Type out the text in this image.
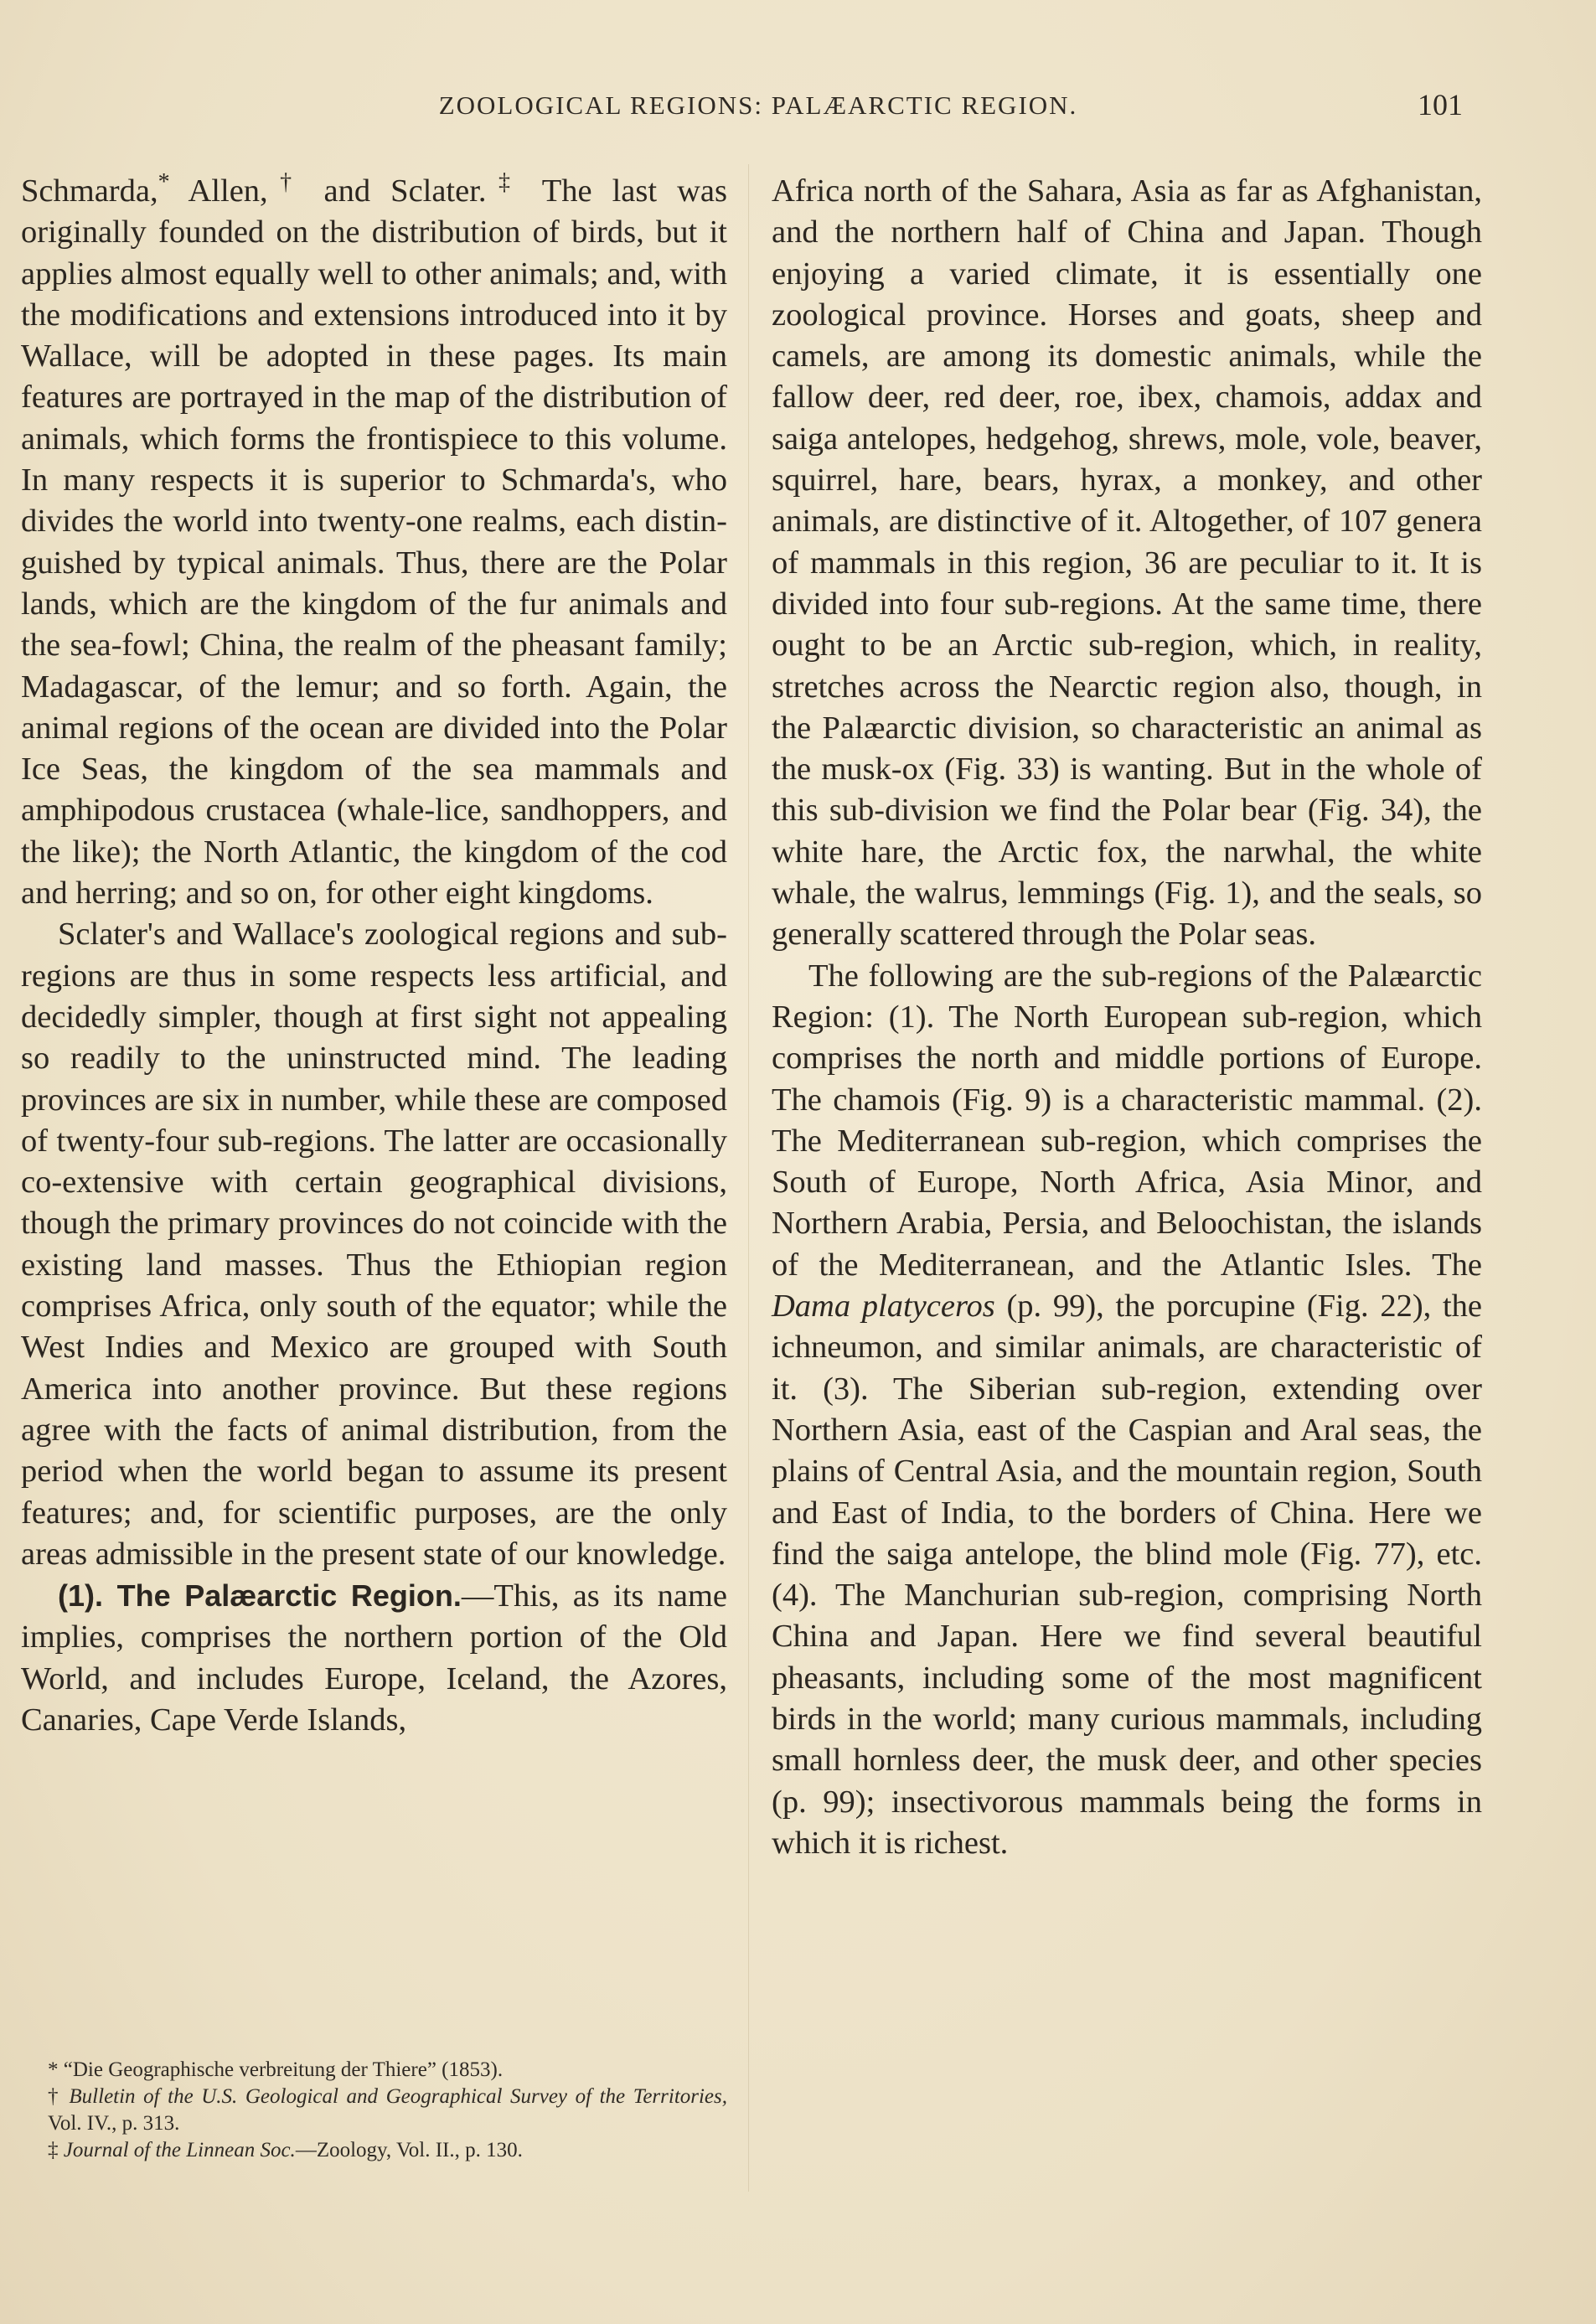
ZOOLOGICAL REGIONS: PALÆARCTIC REGION.	101

Schmarda,* Allen,† and Sclater.‡ The last was originally founded on the distribution of birds, but it applies almost equally well to other animals; and, with the modifications and extensions introduced into it by Wallace, will be adopted in these pages. Its main features are portrayed in the map of the distribution of animals, which forms the frontispiece to this volume. In many respects it is superior to Schmarda's, who divides the world into twenty-one realms, each distinguished by typical animals. Thus, there are the Polar lands, which are the kingdom of the fur animals and the sea-fowl; China, the realm of the pheasant family; Madagascar, of the lemur; and so forth. Again, the animal regions of the ocean are divided into the Polar Ice Seas, the kingdom of the sea mammals and amphipodous crustacea (whale-lice, sandhoppers, and the like); the North Atlantic, the kingdom of the cod and herring; and so on, for other eight kingdoms.

Sclater's and Wallace's zoological regions and sub-regions are thus in some respects less artificial, and decidedly simpler, though at first sight not appealing so readily to the uninstructed mind. The leading provinces are six in number, while these are composed of twenty-four sub-regions. The latter are occasionally co-extensive with certain geographical divisions, though the primary provinces do not coincide with the existing land masses. Thus the Ethiopian region comprises Africa, only south of the equator; while the West Indies and Mexico are grouped with South America into another province. But these regions agree with the facts of animal distribution, from the period when the world began to assume its present features; and, for scientific purposes, are the only areas admissible in the present state of our knowledge.

(1). The Palæarctic Region.—This, as its name implies, comprises the northern portion of the Old World, and includes Europe, Iceland, the Azores, Canaries, Cape Verde Islands,

* “Die Geographische verbreitung der Thiere” (1853).

† Bulletin of the U.S. Geological and Geographical Survey of the Territories, Vol. IV., p. 313.

‡ Journal of the Linnean Soc.—Zoology, Vol. II., p. 130.

Africa north of the Sahara, Asia as far as Afghanistan, and the northern half of China and Japan. Though enjoying a varied climate, it is essentially one zoological province. Horses and goats, sheep and camels, are among its domestic animals, while the fallow deer, red deer, roe, ibex, chamois, addax and saiga antelopes, hedgehog, shrews, mole, vole, beaver, squirrel, hare, bears, hyrax, a monkey, and other animals, are distinctive of it. Altogether, of 107 genera of mammals in this region, 36 are peculiar to it. It is divided into four sub-regions. At the same time, there ought to be an Arctic sub-region, which, in reality, stretches across the Nearctic region also, though, in the Palæarctic division, so characteristic an animal as the musk-ox (Fig. 33) is wanting. But in the whole of this sub-division we find the Polar bear (Fig. 34), the white hare, the Arctic fox, the narwhal, the white whale, the walrus, lemmings (Fig. 1), and the seals, so generally scattered through the Polar seas.

The following are the sub-regions of the Palæarctic Region: (1). The North European sub-region, which comprises the north and middle portions of Europe. The chamois (Fig. 9) is a characteristic mammal. (2). The Mediterranean sub-region, which comprises the South of Europe, North Africa, Asia Minor, and Northern Arabia, Persia, and Beloochistan, the islands of the Mediterranean, and the Atlantic Isles. The Dama platyceros (p. 99), the porcupine (Fig. 22), the ichneumon, and similar animals, are characteristic of it. (3). The Siberian sub-region, extending over Northern Asia, east of the Caspian and Aral seas, the plains of Central Asia, and the mountain region, South and East of India, to the borders of China. Here we find the saiga antelope, the blind mole (Fig. 77), etc. (4). The Manchurian sub-region, comprising North China and Japan. Here we find several beautiful pheasants, including some of the most magnificent birds in the world; many curious mammals, including small hornless deer, the musk deer, and other species (p. 99); insectivorous mammals being the forms in which it is richest.
